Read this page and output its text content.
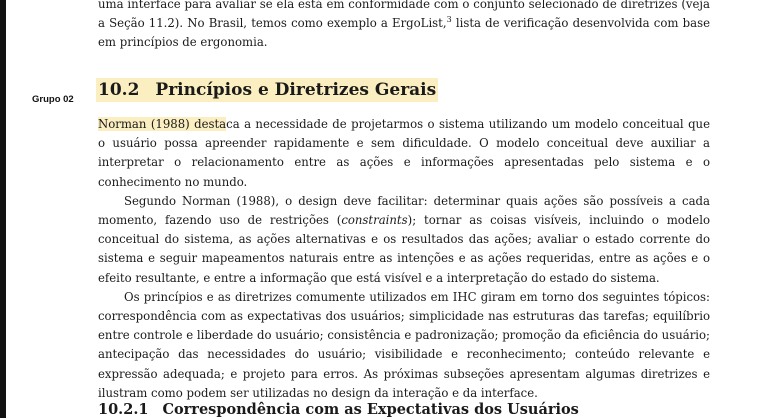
Grupo 02

uma interface para avaliar se ela está em conformidade com o conjunto selecionado de diretrizes (veja a Seção 11.2). No Brasil, temos como exemplo a ErgoList,$^3$ lista de verificação desenvolvida com base em princípios de ergonomia.

10.2 Princípios e Diretrizes Gerais

Norman (1988) destaca a necessidade de projetarmos o sistema utilizando um modelo conceitual que o usuário possa apreender rapidamente e sem dificuldade. O modelo conceitual deve auxiliar a interpretar o relacionamento entre as ações e informações apresentadas pelo sistema e o conhecimento no mundo.

Segundo Norman (1988), o design deve facilitar: determinar quais ações são possíveis a cada momento, fazendo uso de restrições (constraints); tornar as coisas visíveis, incluindo o modelo conceitual do sistema, as ações alternativas e os resultados das ações; avaliar o estado corrente do sistema e seguir mapeamentos naturais entre as intenções e as ações requeridas, entre as ações e o efeito resultante, e entre a informação que está visível e a interpretação do estado do sistema.

Os princípios e as diretrizes comumente utilizados em IHC giram em torno dos seguintes tópicos: correspondência com as expectativas dos usuários; simplicidade nas estruturas das tarefas; equilíbrio entre controle e liberdade do usuário; consistência e padronização; promoção da eficiência do usuário; antecipação das necessidades do usuário; visibilidade e reconhecimento; conteúdo relevante e expressão adequada; e projeto para erros. As próximas subseções apresentam algumas diretrizes e ilustram como podem ser utilizadas no design da interação e da interface.

10.2.1 Correspondência com as Expectativas dos Usuários
